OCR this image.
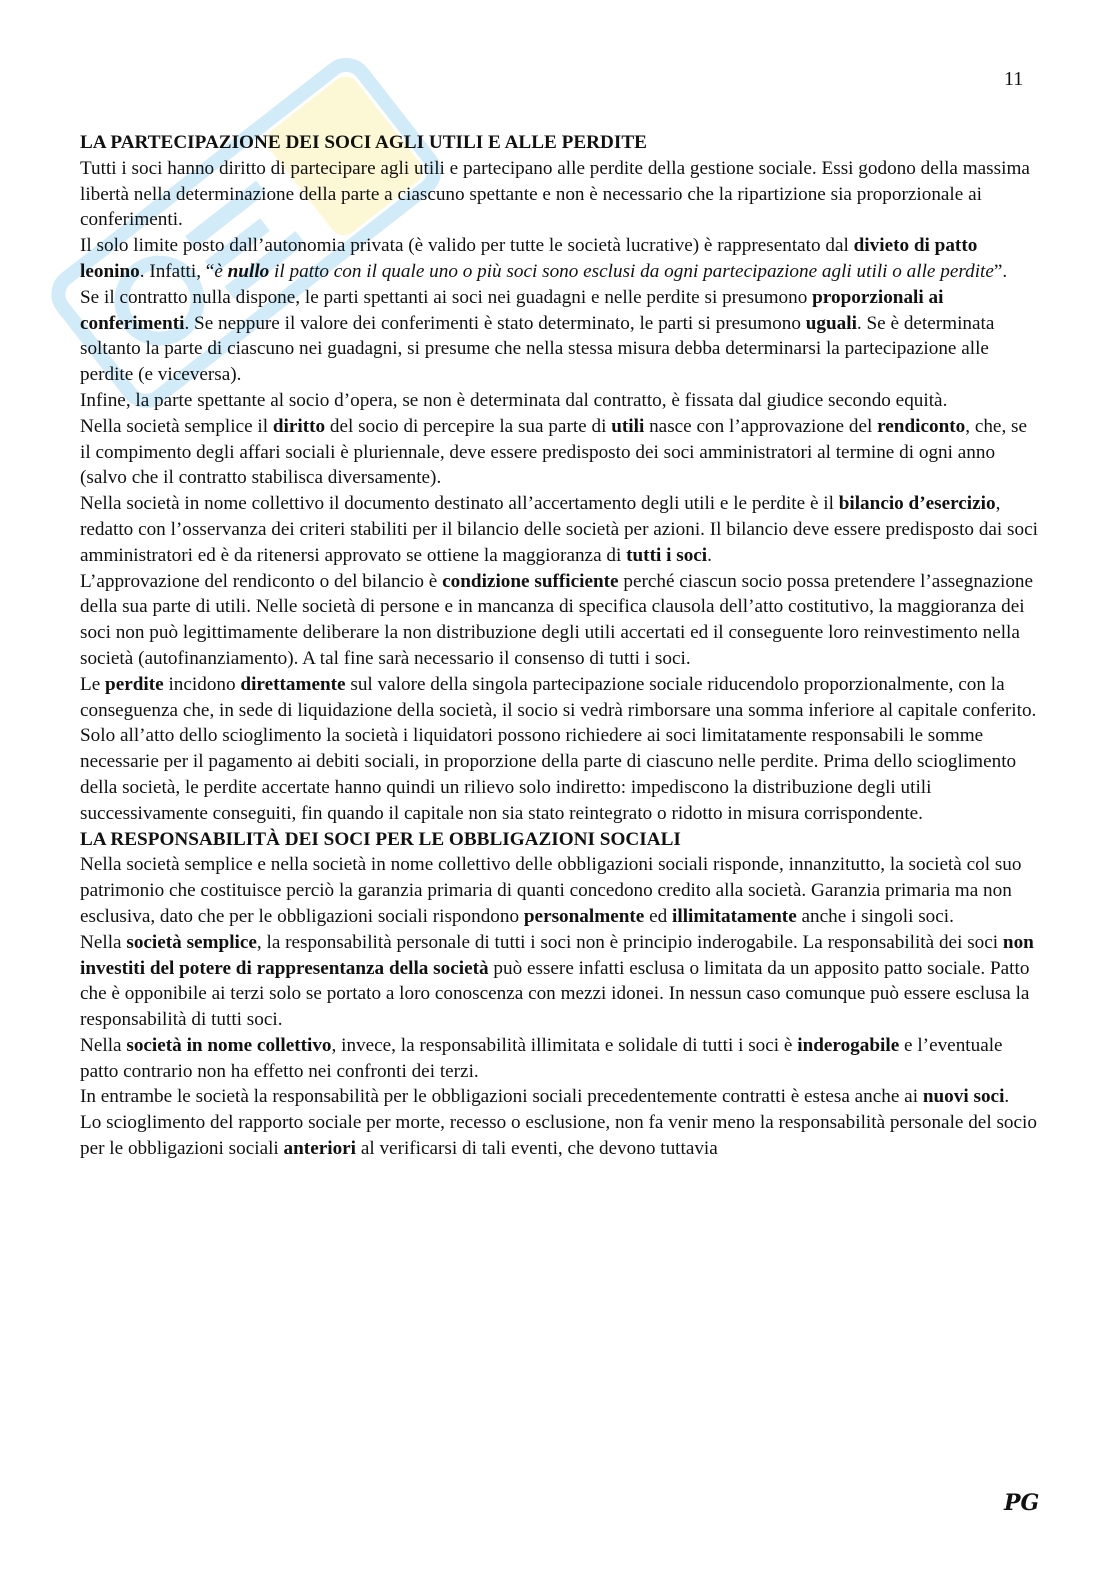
11

LA PARTECIPAZIONE DEI SOCI AGLI UTILI E ALLE PERDITE

Tutti i soci hanno diritto di partecipare agli utili e partecipano alle perdite della gestione sociale. Essi godono della massima libertà nella determinazione della parte a ciascuno spettante e non è necessario che la ripartizione sia proporzionale ai conferimenti.

Il solo limite posto dall’autonomia privata (è valido per tutte le società lucrative) è rappresentato dal divieto di patto leonino. Infatti, “è nullo il patto con il quale uno o più soci sono esclusi da ogni partecipazione agli utili o alle perdite”.

Se il contratto nulla dispone, le parti spettanti ai soci nei guadagni e nelle perdite si presumono proporzionali ai conferimenti. Se neppure il valore dei conferimenti è stato determinato, le parti si presumono uguali. Se è determinata soltanto la parte di ciascuno nei guadagni, si presume che nella stessa misura debba determinarsi la partecipazione alle perdite (e viceversa).

Infine, la parte spettante al socio d’opera, se non è determinata dal contratto, è fissata dal giudice secondo equità.

Nella società semplice il diritto del socio di percepire la sua parte di utili nasce con l’approvazione del rendiconto, che, se il compimento degli affari sociali è pluriennale, deve essere predisposto dei soci amministratori al termine di ogni anno (salvo che il contratto stabilisca diversamente).

Nella società in nome collettivo il documento destinato all’accertamento degli utili e le perdite è il bilancio d’esercizio, redatto con l’osservanza dei criteri stabiliti per il bilancio delle società per azioni. Il bilancio deve essere predisposto dai soci amministratori ed è da ritenersi approvato se ottiene la maggioranza di tutti i soci.

L’approvazione del rendiconto o del bilancio è condizione sufficiente perché ciascun socio possa pretendere l’assegnazione della sua parte di utili. Nelle società di persone e in mancanza di specifica clausola dell’atto costitutivo, la maggioranza dei soci non può legittimamente deliberare la non distribuzione degli utili accertati ed il conseguente loro reinvestimento nella società (autofinanziamento). A tal fine sarà necessario il consenso di tutti i soci.

Le perdite incidono direttamente sul valore della singola partecipazione sociale riducendolo proporzionalmente, con la conseguenza che, in sede di liquidazione della società, il socio si vedrà rimborsare una somma inferiore al capitale conferito. Solo all’atto dello scioglimento la società i liquidatori possono richiedere ai soci limitatamente responsabili le somme necessarie per il pagamento ai debiti sociali, in proporzione della parte di ciascuno nelle perdite. Prima dello scioglimento della società, le perdite accertate hanno quindi un rilievo solo indiretto: impediscono la distribuzione degli utili successivamente conseguiti, fin quando il capitale non sia stato reintegrato o ridotto in misura corrispondente.

LA RESPONSABILITÀ DEI SOCI PER LE OBBLIGAZIONI SOCIALI

Nella società semplice e nella società in nome collettivo delle obbligazioni sociali risponde, innanzitutto, la società col suo patrimonio che costituisce perciò la garanzia primaria di quanti concedono credito alla società. Garanzia primaria ma non esclusiva, dato che per le obbligazioni sociali rispondono personalmente ed illimitatamente anche i singoli soci.

Nella società semplice, la responsabilità personale di tutti i soci non è principio inderogabile. La responsabilità dei soci non investiti del potere di rappresentanza della società può essere infatti esclusa o limitata da un apposito patto sociale. Patto che è opponibile ai terzi solo se portato a loro conoscenza con mezzi idonei. In nessun caso comunque può essere esclusa la responsabilità di tutti soci.

Nella società in nome collettivo, invece, la responsabilità illimitata e solidale di tutti i soci è inderogabile e l’eventuale patto contrario non ha effetto nei confronti dei terzi.

In entrambe le società la responsabilità per le obbligazioni sociali precedentemente contratti è estesa anche ai nuovi soci.

Lo scioglimento del rapporto sociale per morte, recesso o esclusione, non fa venir meno la responsabilità personale del socio per le obbligazioni sociali anteriori al verificarsi di tali eventi, che devono tuttavia

PG
